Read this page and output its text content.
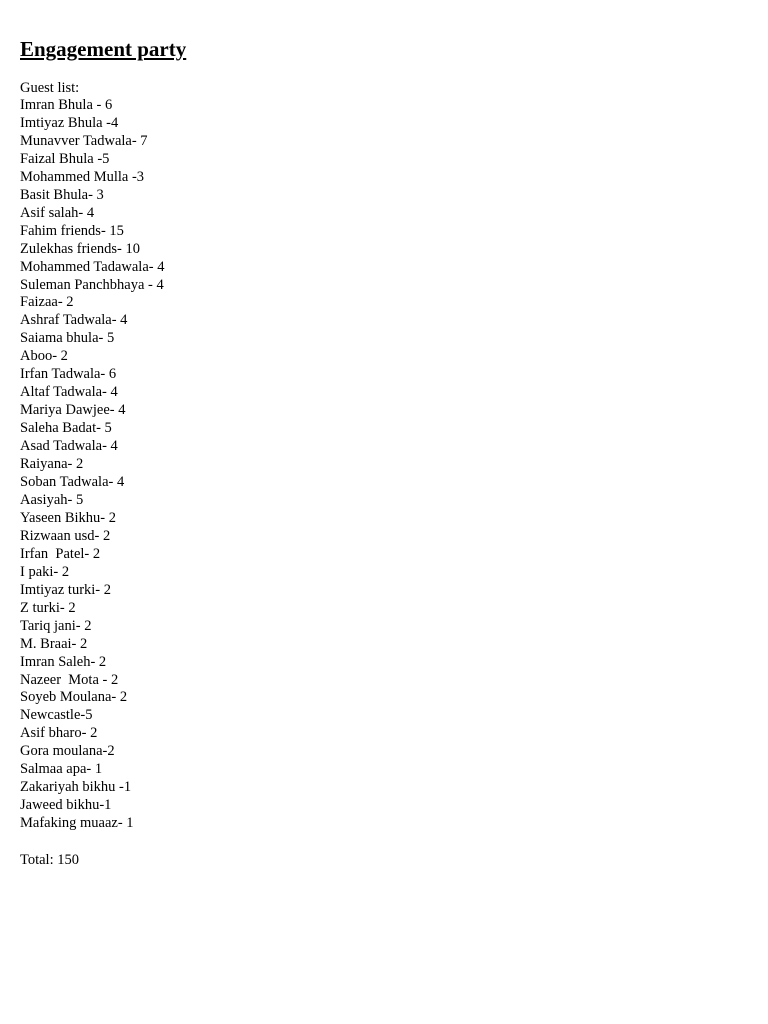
Engagement party
Guest list:
Imran Bhula - 6
Imtiyaz Bhula -4
Munavver Tadwala- 7
Faizal Bhula -5
Mohammed Mulla -3
Basit Bhula- 3
Asif salah- 4
Fahim friends- 15
Zulekhas friends- 10
Mohammed Tadawala- 4
Suleman Panchbhaya - 4
Faizaa- 2
Ashraf Tadwala- 4
Saiama bhula- 5
Aboo- 2
Irfan Tadwala- 6
Altaf Tadwala- 4
Mariya Dawjee- 4
Saleha Badat- 5
Asad Tadwala- 4
Raiyana- 2
Soban Tadwala- 4
Aasiyah- 5
Yaseen Bikhu- 2
Rizwaan usd- 2
Irfan  Patel- 2
I paki- 2
Imtiyaz turki- 2
Z turki- 2
Tariq jani- 2
M. Braai- 2
Imran Saleh- 2
Nazeer  Mota - 2
Soyeb Moulana- 2
Newcastle-5
Asif bharo- 2
Gora moulana-2
Salmaa apa- 1
Zakariyah bikhu -1
Jaweed bikhu-1
Mafaking muaaz- 1
Total: 150
